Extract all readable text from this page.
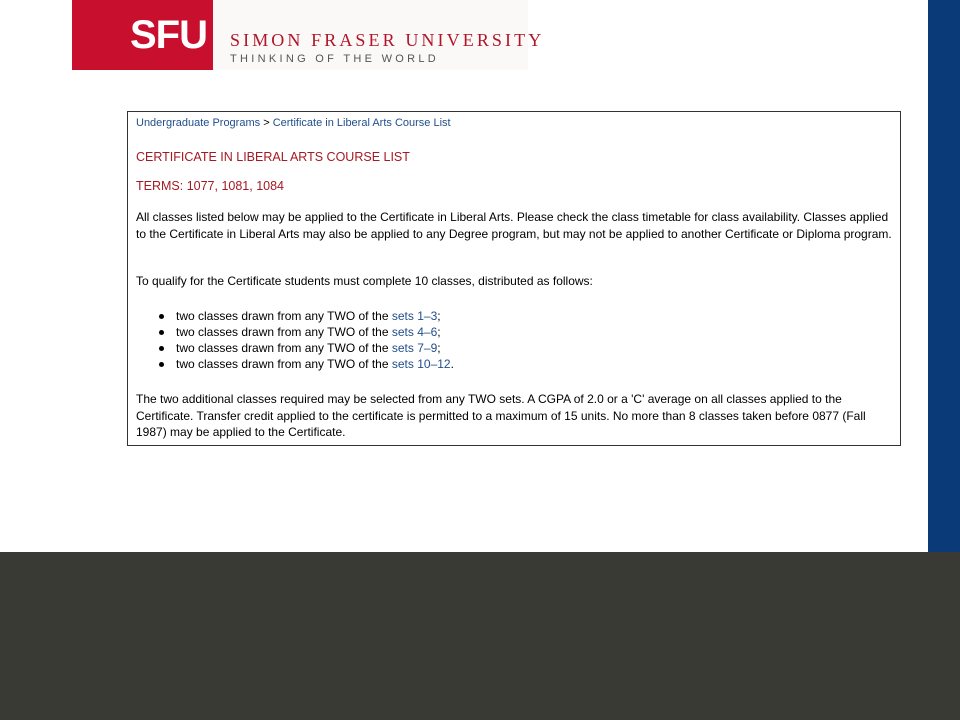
SFU	SIMON FRASER UNIVERSITY
THINKING OF THE WORLD
Undergraduate Programs > Certificate in Liberal Arts Course List
CERTIFICATE IN LIBERAL ARTS COURSE LIST
TERMS: 1077, 1081, 1084
All classes listed below may be applied to the Certificate in Liberal Arts. Please check the class timetable for class availability. Classes applied to the Certificate in Liberal Arts may also be applied to any Degree program, but may not be applied to another Certificate or Diploma program.
To qualify for the Certificate students must complete 10 classes, distributed as follows:
two classes drawn from any TWO of the sets 1–3;
two classes drawn from any TWO of the sets 4–6;
two classes drawn from any TWO of the sets 7–9;
two classes drawn from any TWO of the sets 10–12.
The two additional classes required may be selected from any TWO sets. A CGPA of 2.0 or a 'C' average on all classes applied to the Certificate. Transfer credit applied to the certificate is permitted to a maximum of 15 units. No more than 8 classes taken before 0877 (Fall 1987) may be applied to the Certificate.
